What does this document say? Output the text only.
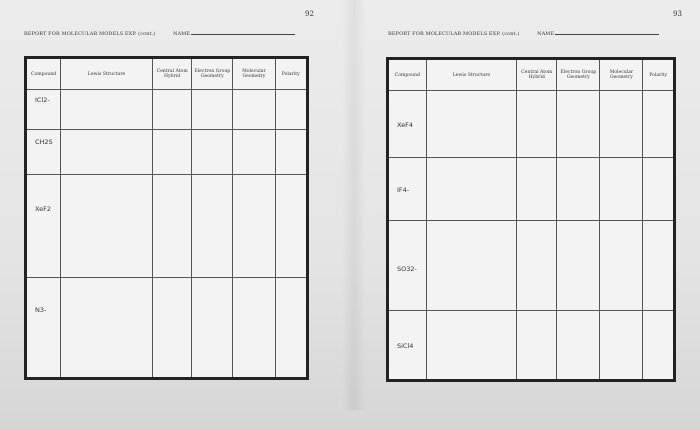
92
REPORT FOR MOLECULAR MODELS EXP. (cont.)	NAME
Compound	Lewis Structure	Central Atom Hybrid	Electron Group Geometry	Molecular Geometry	Polarity

ICl2-					

CH2S					

XeF2					

N3-					

93
REPORT FOR MOLECULAR MODELS EXP. (cont.)	NAME
Compound	Lewis Structure	Central Atom Hybrid	Electron Group Geometry	Molecular Geometry	Polarity

XeF4					

IF4-					

SO32-					

SiCl4					
